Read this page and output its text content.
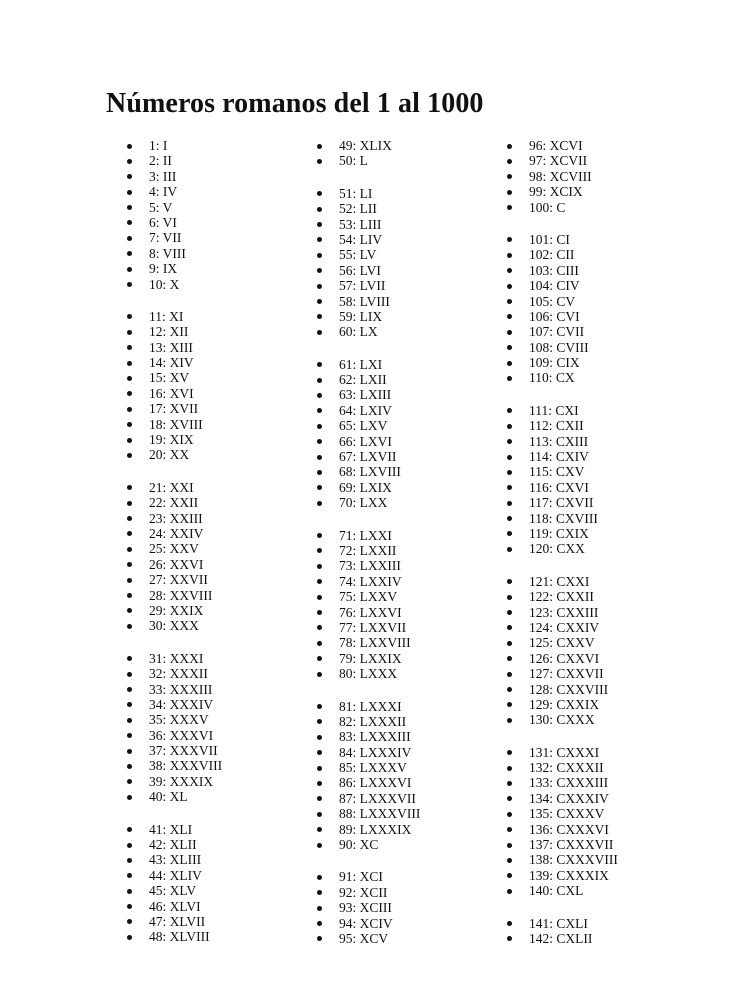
Números romanos del 1 al 1000
1: I
2: II
3: III
4: IV
5: V
6: VI
7: VII
8: VIII
9: IX
10: X
11: XI
12: XII
13: XIII
14: XIV
15: XV
16: XVI
17: XVII
18: XVIII
19: XIX
20: XX
21: XXI
22: XXII
23: XXIII
24: XXIV
25: XXV
26: XXVI
27: XXVII
28: XXVIII
29: XXIX
30: XXX
31: XXXI
32: XXXII
33: XXXIII
34: XXXIV
35: XXXV
36: XXXVI
37: XXXVII
38: XXXVIII
39: XXXIX
40: XL
41: XLI
42: XLII
43: XLIII
44: XLIV
45: XLV
46: XLVI
47: XLVII
48: XLVIII
49: XLIX
50: L
51: LI
52: LII
53: LIII
54: LIV
55: LV
56: LVI
57: LVII
58: LVIII
59: LIX
60: LX
61: LXI
62: LXII
63: LXIII
64: LXIV
65: LXV
66: LXVI
67: LXVII
68: LXVIII
69: LXIX
70: LXX
71: LXXI
72: LXXII
73: LXXIII
74: LXXIV
75: LXXV
76: LXXVI
77: LXXVII
78: LXXVIII
79: LXXIX
80: LXXX
81: LXXXI
82: LXXXII
83: LXXXIII
84: LXXXIV
85: LXXXV
86: LXXXVI
87: LXXXVII
88: LXXXVIII
89: LXXXIX
90: XC
91: XCI
92: XCII
93: XCIII
94: XCIV
95: XCV
96: XCVI
97: XCVII
98: XCVIII
99: XCIX
100: C
101: CI
102: CII
103: CIII
104: CIV
105: CV
106: CVI
107: CVII
108: CVIII
109: CIX
110: CX
111: CXI
112: CXII
113: CXIII
114: CXIV
115: CXV
116: CXVI
117: CXVII
118: CXVIII
119: CXIX
120: CXX
121: CXXI
122: CXXII
123: CXXIII
124: CXXIV
125: CXXV
126: CXXVI
127: CXXVII
128: CXXVIII
129: CXXIX
130: CXXX
131: CXXXI
132: CXXXII
133: CXXXIII
134: CXXXIV
135: CXXXV
136: CXXXVI
137: CXXXVII
138: CXXXVIII
139: CXXXIX
140: CXL
141: CXLI
142: CXLII
